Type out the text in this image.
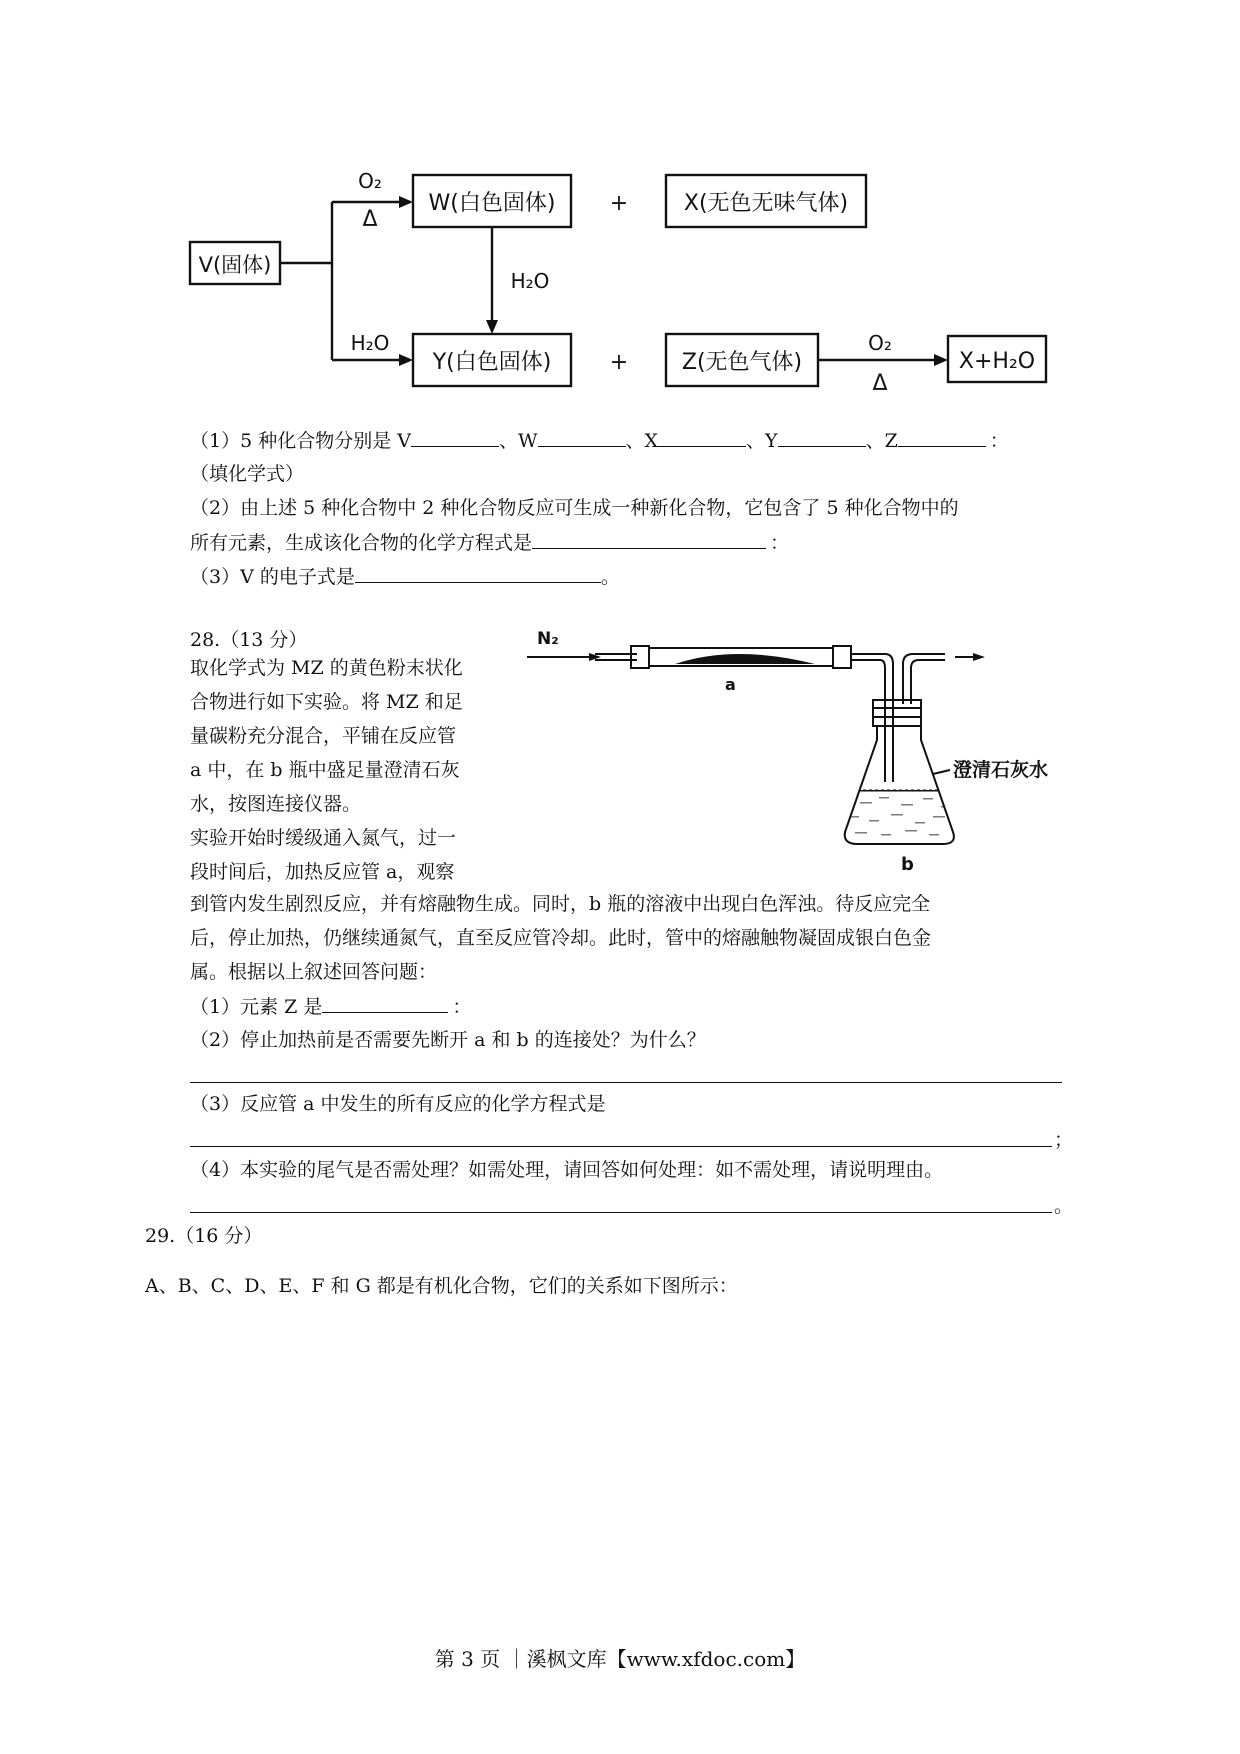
V(固体)
W(白色固体)	X(无色无味气体)
Y(白色固体)	Z(无色气体)	X+H₂O
+
+
O₂
Δ
H₂O
H₂O
O₂
Δ
（1）5 种化合物分别是 V	、W	、X	、Y	、Z	：
（填化学式）
（2）由上述 5 种化合物中 2 种化合物反应可生成一种新化合物，它包含了 5 种化合物中的
所有元素，生成该化合物的化学方程式是	：
（3）V 的电子式是	。
28.（13 分）
取化学式为 MZ 的黄色粉末状化
合物进行如下实验。将 MZ 和足
量碳粉充分混合，平铺在反应管
a 中，在 b 瓶中盛足量澄清石灰
水，按图连接仪器。
实验开始时缓级通入氮气，过一
段时间后，加热反应管 a，观察
N₂
a
b
澄清石灰水
到管内发生剧烈反应，并有熔融物生成。同时，b 瓶的溶液中出现白色浑浊。待反应完全
后，停止加热，仍继续通氮气，直至反应管冷却。此时，管中的熔融触物凝固成银白色金
属。根据以上叙述回答问题：
（1）元素 Z 是	：
（2）停止加热前是否需要先断开 a 和 b 的连接处？为什么？
（3）反应管 a 中发生的所有反应的化学方程式是
；
（4）本实验的尾气是否需处理？如需处理，请回答如何处理：如不需处理，请说明理由。
。
29.（16 分）
A、B、C、D、E、F 和 G 都是有机化合物，它们的关系如下图所示：
第 3 页 ｜溪枫文库【www.xfdoc.com】
